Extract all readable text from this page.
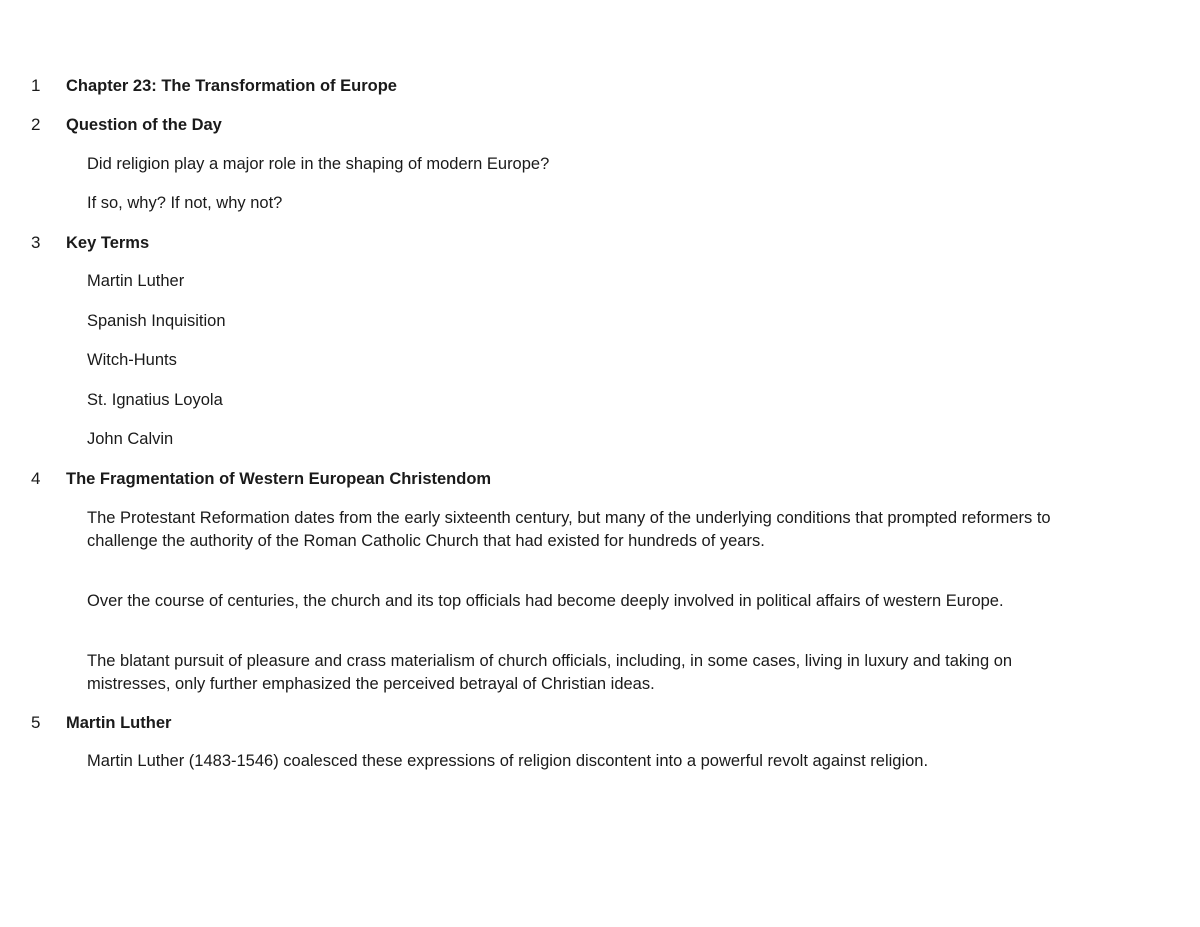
1	Chapter 23: The Transformation of Europe
2	Question of the Day
Did religion play a major role in the shaping of modern Europe?
If so, why? If not, why not?
3	Key Terms
Martin Luther
Spanish Inquisition
Witch-Hunts
St. Ignatius Loyola
John Calvin
4	The Fragmentation of Western European Christendom
The Protestant Reformation dates from the early sixteenth century, but many of the underlying conditions that prompted reformers to challenge the authority of the Roman Catholic Church that had existed for hundreds of years.
Over the course of centuries, the church and its top officials had become deeply involved in political affairs of western Europe.
The blatant pursuit of pleasure and crass materialism of church officials, including, in some cases, living in luxury and taking on mistresses, only further emphasized the perceived betrayal of Christian ideas.
5	Martin Luther
Martin Luther (1483-1546) coalesced these expressions of religion discontent into a powerful revolt against religion.
